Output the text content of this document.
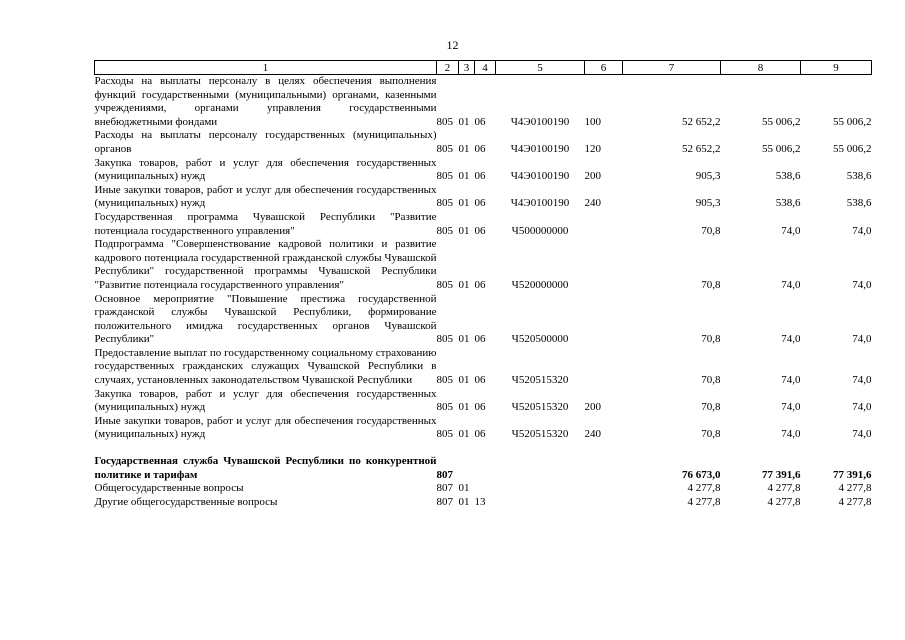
12
1	2	3	4	5	6	7	8	9
Расходы на выплаты персоналу в целях обеспечения выполнения функций государственными (муниципальными) органами, казенными учреждениями, органами управления государственными внебюджетными фондами	805	01	06	Ч4Э0100190	100	52 652,2	55 006,2	55 006,2
Расходы на выплаты персоналу государственных (муниципальных) органов	805	01	06	Ч4Э0100190	120	52 652,2	55 006,2	55 006,2
Закупка товаров, работ и услуг для обеспечения государственных (муниципальных) нужд	805	01	06	Ч4Э0100190	200	905,3	538,6	538,6
Иные закупки товаров, работ и услуг для обеспечения государственных (муниципальных) нужд	805	01	06	Ч4Э0100190	240	905,3	538,6	538,6
Государственная программа Чувашской Республики "Развитие потенциала государственного управления"	805	01	06	Ч500000000		70,8	74,0	74,0
Подпрограмма "Совершенствование кадровой политики и развитие кадрового потенциала государственной гражданской службы Чувашской Республики" государственной программы Чувашской Республики "Развитие потенциала государственного управления"	805	01	06	Ч520000000		70,8	74,0	74,0
Основное мероприятие "Повышение престижа государственной гражданской службы Чувашской Республики, формирование положительного имиджа государственных органов Чувашской Республики"	805	01	06	Ч520500000		70,8	74,0	74,0
Предоставление выплат по государственному социальному страхованию государственных гражданских служащих Чувашской Республики в случаях, установленных законодательством Чувашской Республики	805	01	06	Ч520515320		70,8	74,0	74,0
Закупка товаров, работ и услуг для обеспечения государственных (муниципальных) нужд	805	01	06	Ч520515320	200	70,8	74,0	74,0
Иные закупки товаров, работ и услуг для обеспечения государственных (муниципальных) нужд	805	01	06	Ч520515320	240	70,8	74,0	74,0

Государственная служба Чувашской Республики по конкурентной политике и тарифам	807					76 673,0	77 391,6	77 391,6
Общегосударственные вопросы	807	01				4 277,8	4 277,8	4 277,8
Другие общегосударственные вопросы	807	01	13			4 277,8	4 277,8	4 277,8
